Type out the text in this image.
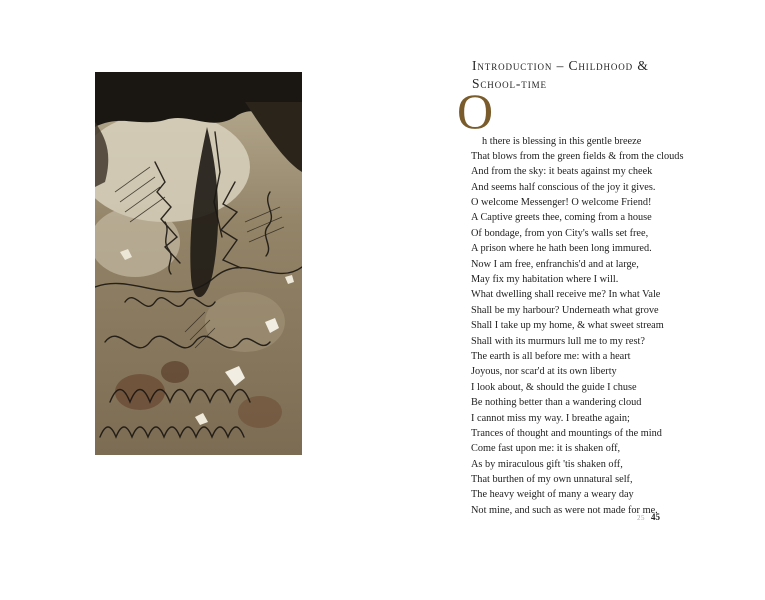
Introduction – Childhood &
School-time
O
h there is blessing in this gentle breeze
That blows from the green fields & from the clouds
And from the sky: it beats against my cheek
And seems half conscious of the joy it gives.
O welcome Messenger! O welcome Friend!
A Captive greets thee, coming from a house
Of bondage, from yon City's walls set free,
A prison where he hath been long immured.
Now I am free, enfranchis'd and at large,
May fix my habitation where I will.
What dwelling shall receive me? In what Vale
Shall be my harbour? Underneath what grove
Shall I take up my home, & what sweet stream
Shall with its murmurs lull me to my rest?
The earth is all before me: with a heart
Joyous, nor scar'd at its own liberty
I look about, & should the guide I chuse
Be nothing better than a wandering cloud
I cannot miss my way. I breathe again;
Trances of thought and mountings of the mind
Come fast upon me: it is shaken off,
As by miraculous gift 'tis shaken off,
That burthen of my own unnatural self,
The heavy weight of many a weary day
Not mine, and such as were not made for me.
25 45
